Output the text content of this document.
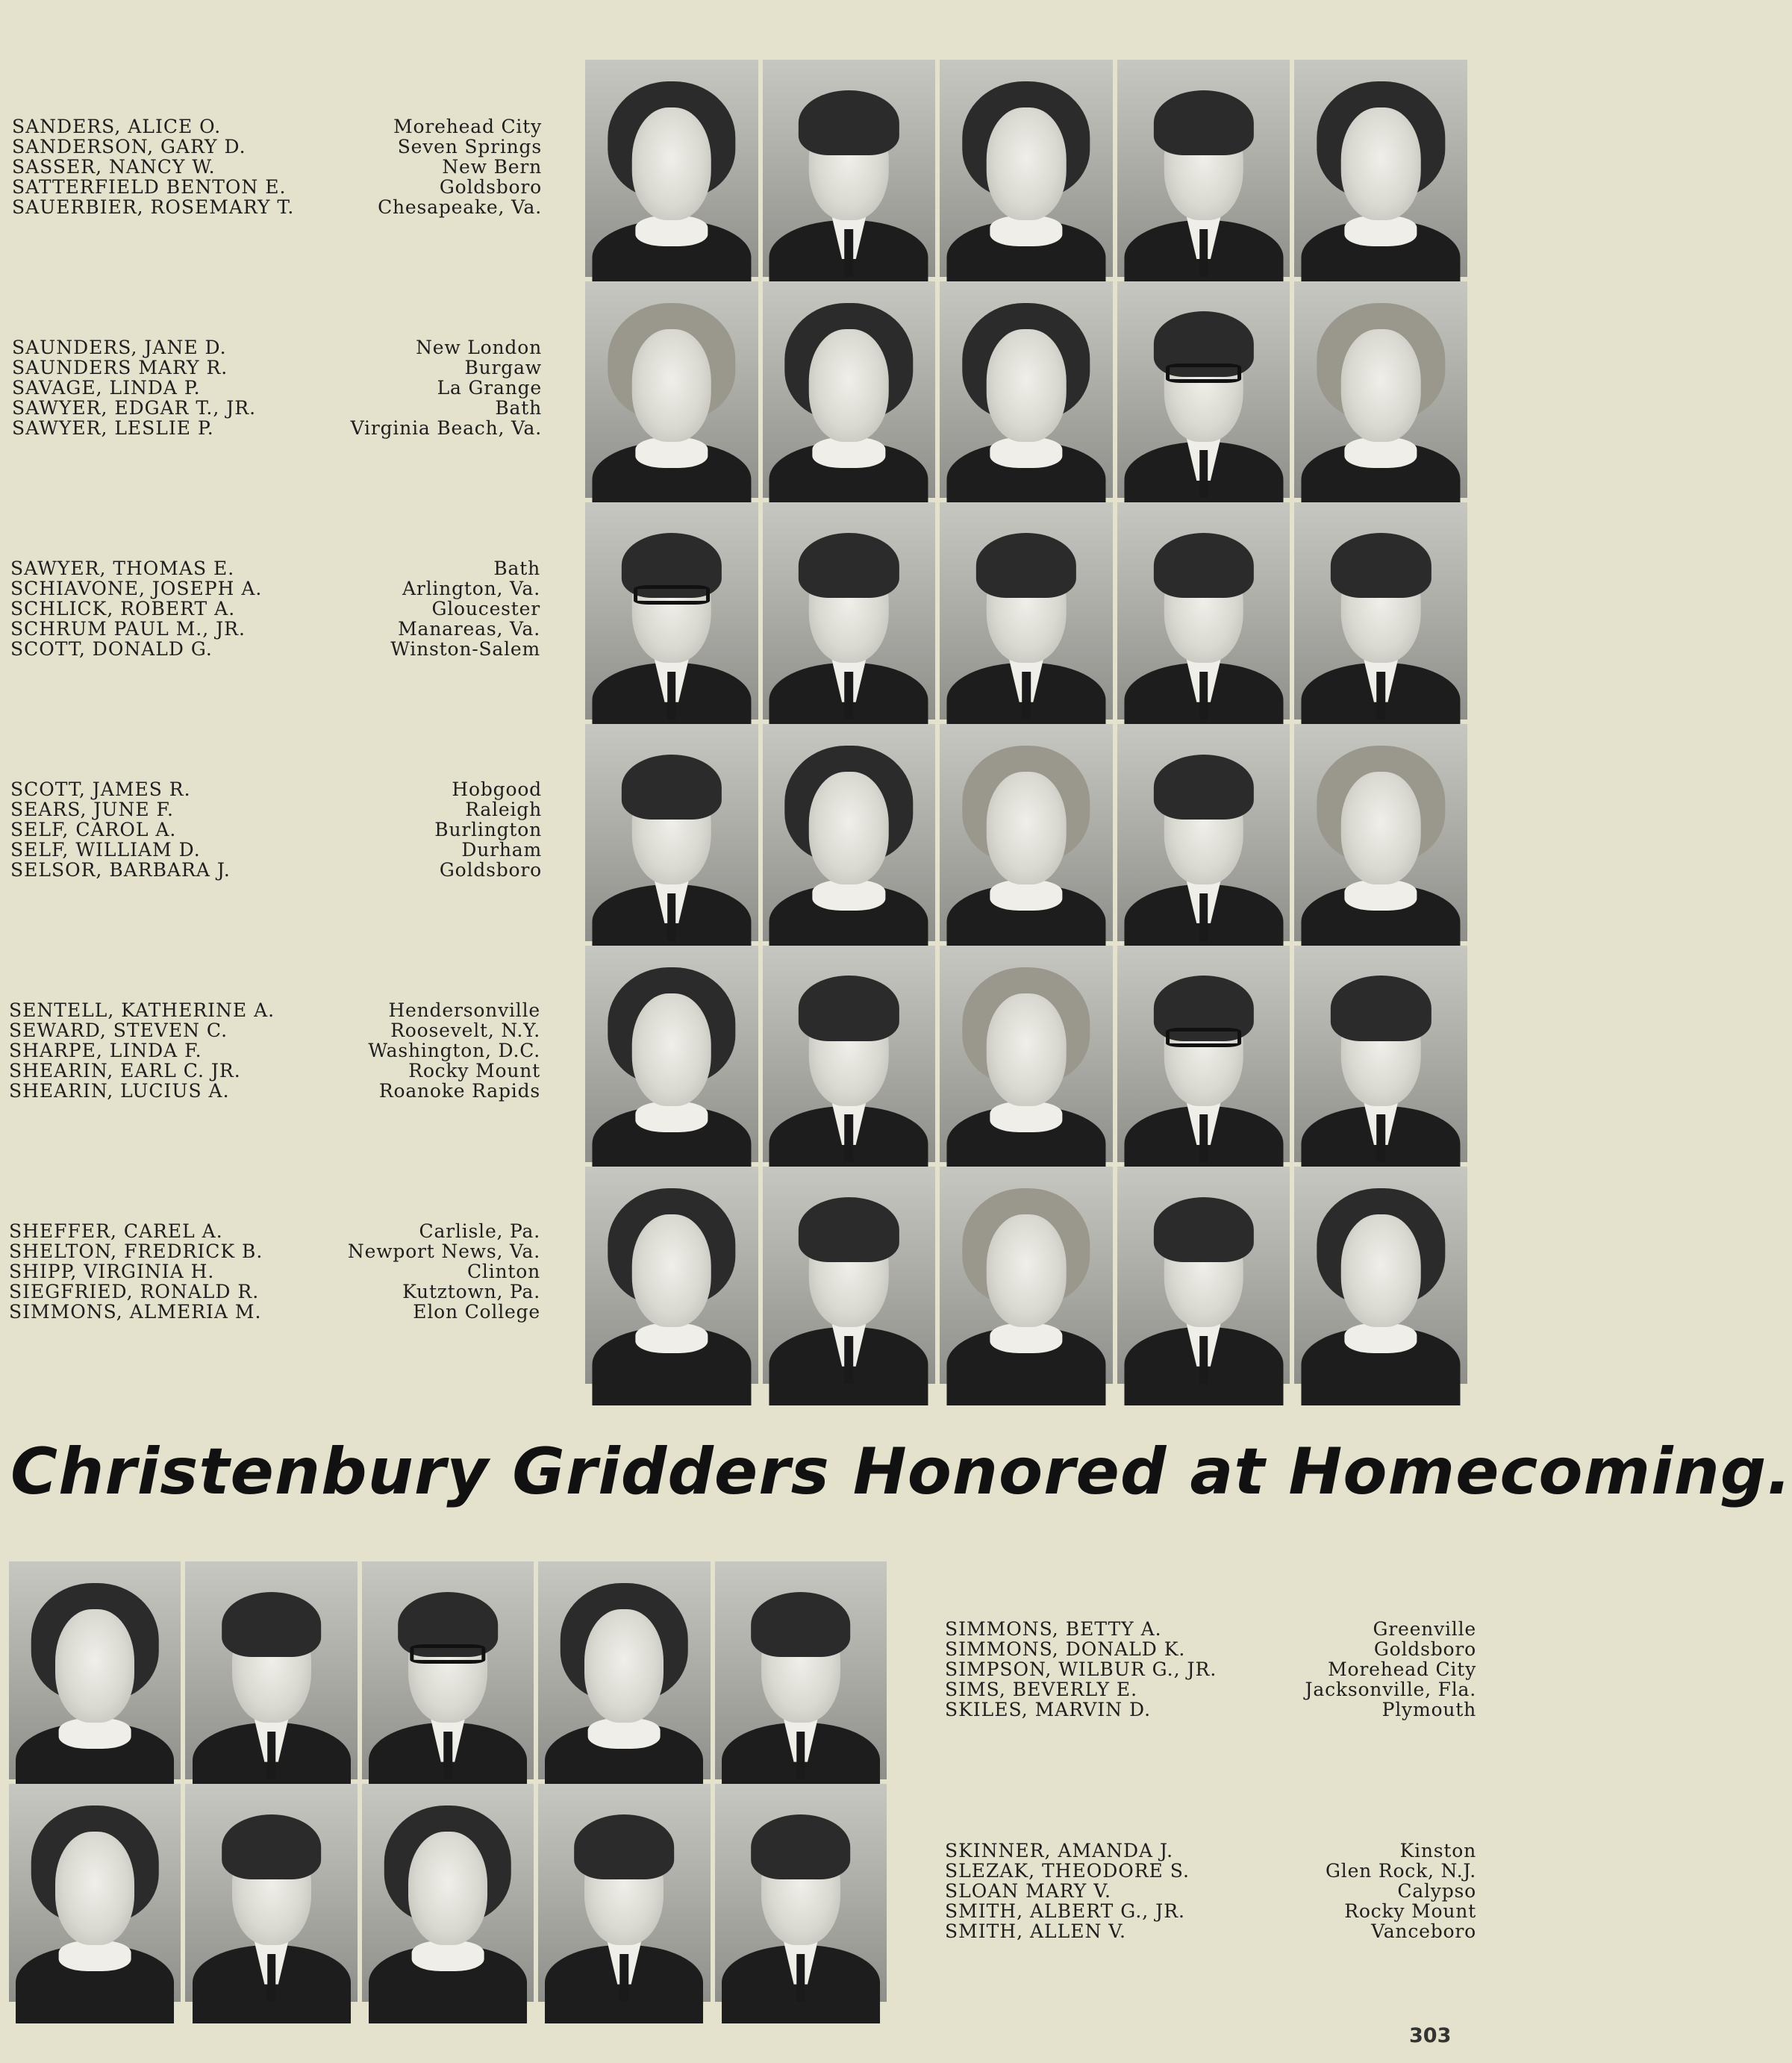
SANDERS, ALICE O.	Morehead City
SANDERSON, GARY D.	Seven Springs
SASSER, NANCY W.	New Bern
SATTERFIELD BENTON E.	Goldsboro
SAUERBIER, ROSEMARY T.	Chesapeake, Va.
SAUNDERS, JANE D.	New London
SAUNDERS MARY R.	Burgaw
SAVAGE, LINDA P.	La Grange
SAWYER, EDGAR T., JR.	Bath
SAWYER, LESLIE P.	Virginia Beach, Va.
SAWYER, THOMAS E.	Bath
SCHIAVONE, JOSEPH A.	Arlington, Va.
SCHLICK, ROBERT A.	Gloucester
SCHRUM PAUL M., JR.	Manareas, Va.
SCOTT, DONALD G.	Winston-Salem
SCOTT, JAMES R.	Hobgood
SEARS, JUNE F.	Raleigh
SELF, CAROL A.	Burlington
SELF, WILLIAM D.	Durham
SELSOR, BARBARA J.	Goldsboro
SENTELL, KATHERINE A.	Hendersonville
SEWARD, STEVEN C.	Roosevelt, N.Y.
SHARPE, LINDA F.	Washington, D.C.
SHEARIN, EARL C. JR.	Rocky Mount
SHEARIN, LUCIUS A.	Roanoke Rapids
SHEFFER, CAREL A.	Carlisle, Pa.
SHELTON, FREDRICK B.	Newport News, Va.
SHIPP, VIRGINIA H.	Clinton
SIEGFRIED, RONALD R.	Kutztown, Pa.
SIMMONS, ALMERIA M.	Elon College
Christenbury Gridders Honored at Homecoming.
SIMMONS, BETTY A.	Greenville
SIMMONS, DONALD K.	Goldsboro
SIMPSON, WILBUR G., JR.	Morehead City
SIMS, BEVERLY E.	Jacksonville, Fla.
SKILES, MARVIN D.	Plymouth
SKINNER, AMANDA J.	Kinston
SLEZAK, THEODORE S.	Glen Rock, N.J.
SLOAN MARY V.	Calypso
SMITH, ALBERT G., JR.	Rocky Mount
SMITH, ALLEN V.	Vanceboro
303
